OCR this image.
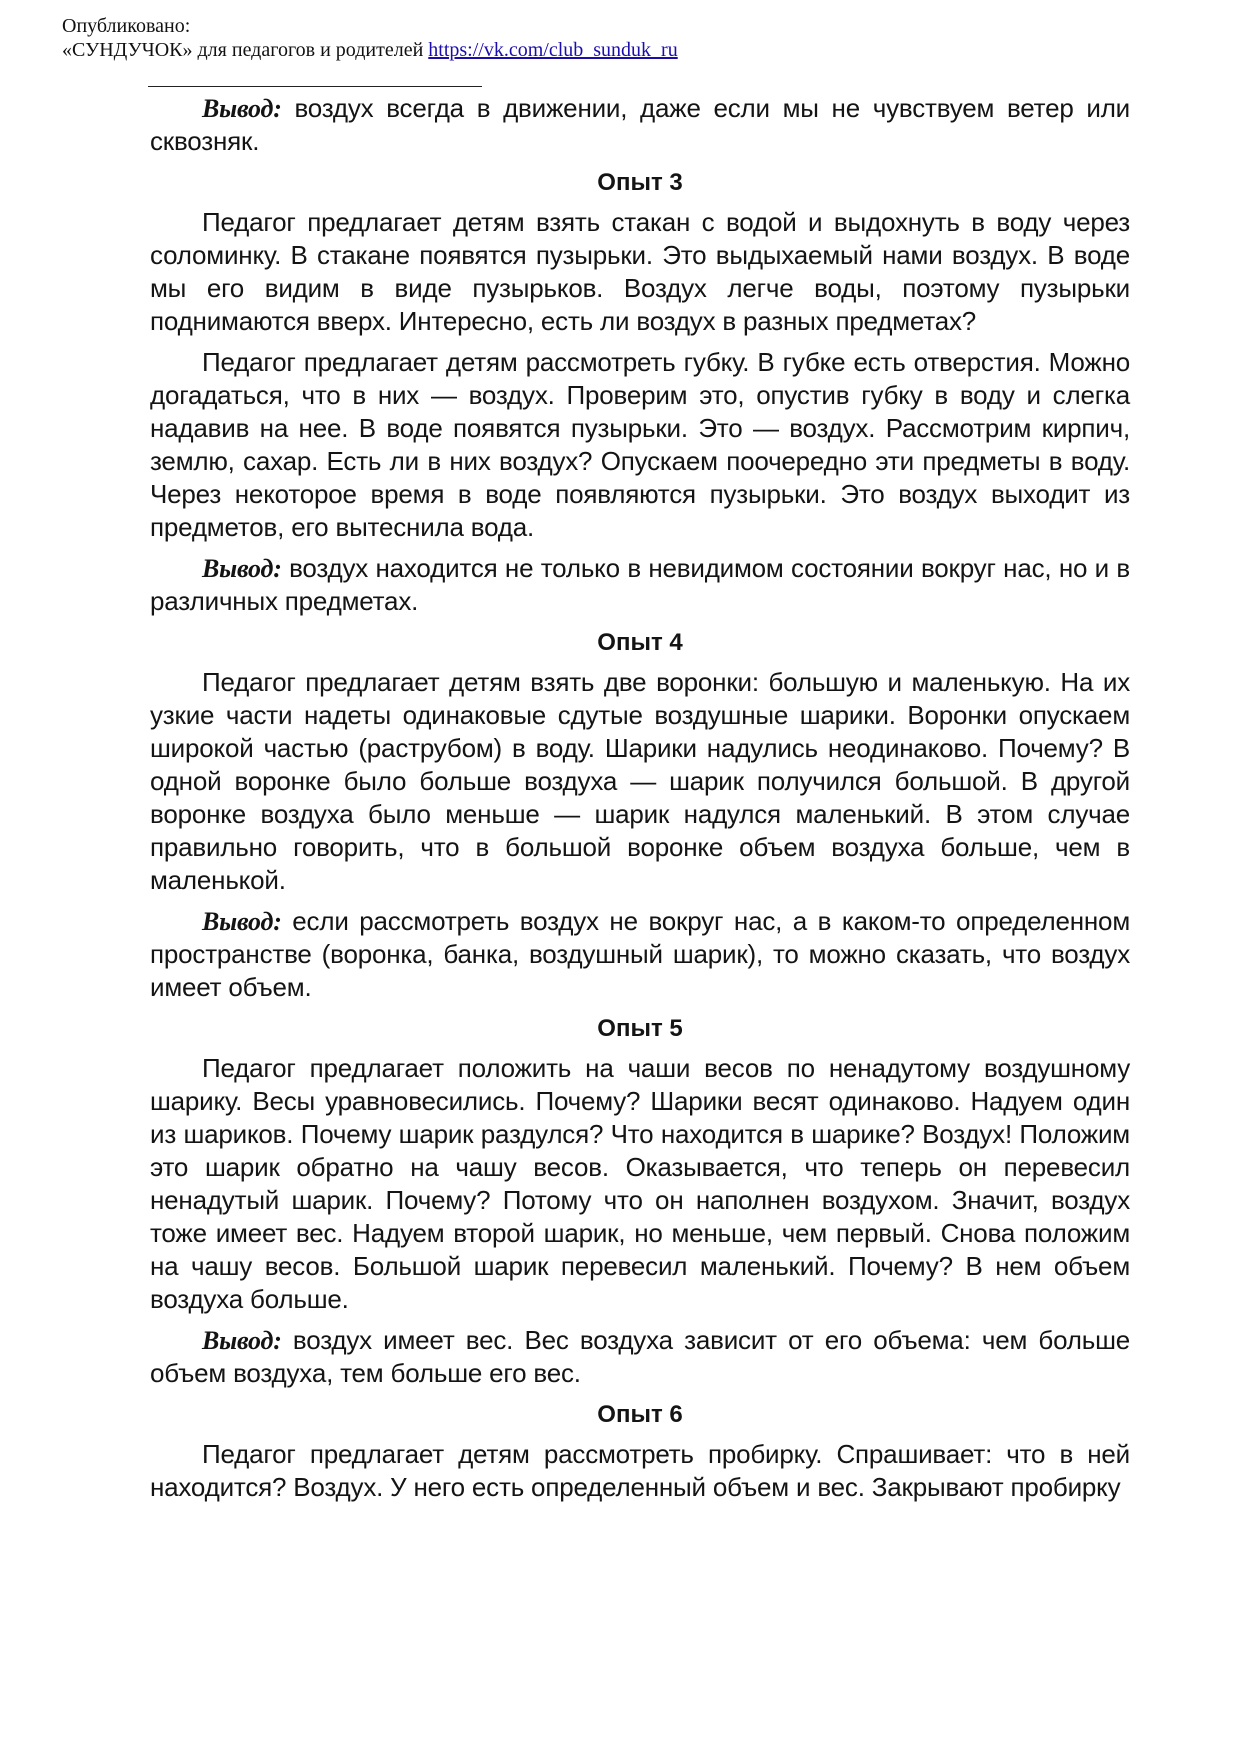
Опубликовано:
«СУНДУЧОК» для педагогов и родителей https://vk.com/club_sunduk_ru

Вывод: воздух всегда в движении, даже если мы не чувствуем ветер или сквозняк.

Опыт 3

Педагог предлагает детям взять стакан с водой и выдохнуть в воду через соломинку. В стакане появятся пузырьки. Это выдыхаемый нами воздух. В воде мы его видим в виде пузырьков. Воздух легче воды, поэтому пузырьки поднимаются вверх. Интересно, есть ли воздух в разных предметах?

Педагог предлагает детям рассмотреть губку. В губке есть отверстия. Можно догадаться, что в них — воздух. Проверим это, опустив губку в воду и слегка надавив на нее. В воде появятся пузырьки. Это — воздух. Рассмотрим кирпич, землю, сахар. Есть ли в них воздух? Опускаем поочередно эти предметы в воду. Через некоторое время в воде появляются пузырьки. Это воздух выходит из предметов, его вытеснила вода.

Вывод: воздух находится не только в невидимом состоянии вокруг нас, но и в различных предметах.

Опыт 4

Педагог предлагает детям взять две воронки: большую и маленькую. На их узкие части надеты одинаковые сдутые воздушные шарики. Воронки опускаем широкой частью (раструбом) в воду. Шарики надулись неодинаково. Почему? В одной воронке было больше воздуха — шарик получился большой. В другой воронке воздуха было меньше — шарик надулся маленький. В этом случае правильно говорить, что в большой воронке объем воздуха больше, чем в маленькой.

Вывод: если рассмотреть воздух не вокруг нас, а в каком-то определенном пространстве (воронка, банка, воздушный шарик), то можно сказать, что воздух имеет объем.

Опыт 5

Педагог предлагает положить на чаши весов по ненадутому воздушному шарику. Весы уравновесились. Почему? Шарики весят одинаково. Надуем один из шариков. Почему шарик раздулся? Что находится в шарике? Воздух! Положим это шарик обратно на чашу весов. Оказывается, что теперь он перевесил ненадутый шарик. Почему? Потому что он наполнен воздухом. Значит, воздух тоже имеет вес. Надуем второй шарик, но меньше, чем первый. Снова положим на чашу весов. Большой шарик перевесил маленький. Почему? В нем объем воздуха больше.

Вывод: воздух имеет вес. Вес воздуха зависит от его объема: чем больше объем воздуха, тем больше его вес.

Опыт 6

Педагог предлагает детям рассмотреть пробирку. Спрашивает: что в ней находится? Воздух. У него есть определенный объем и вес. Закрывают пробирку
